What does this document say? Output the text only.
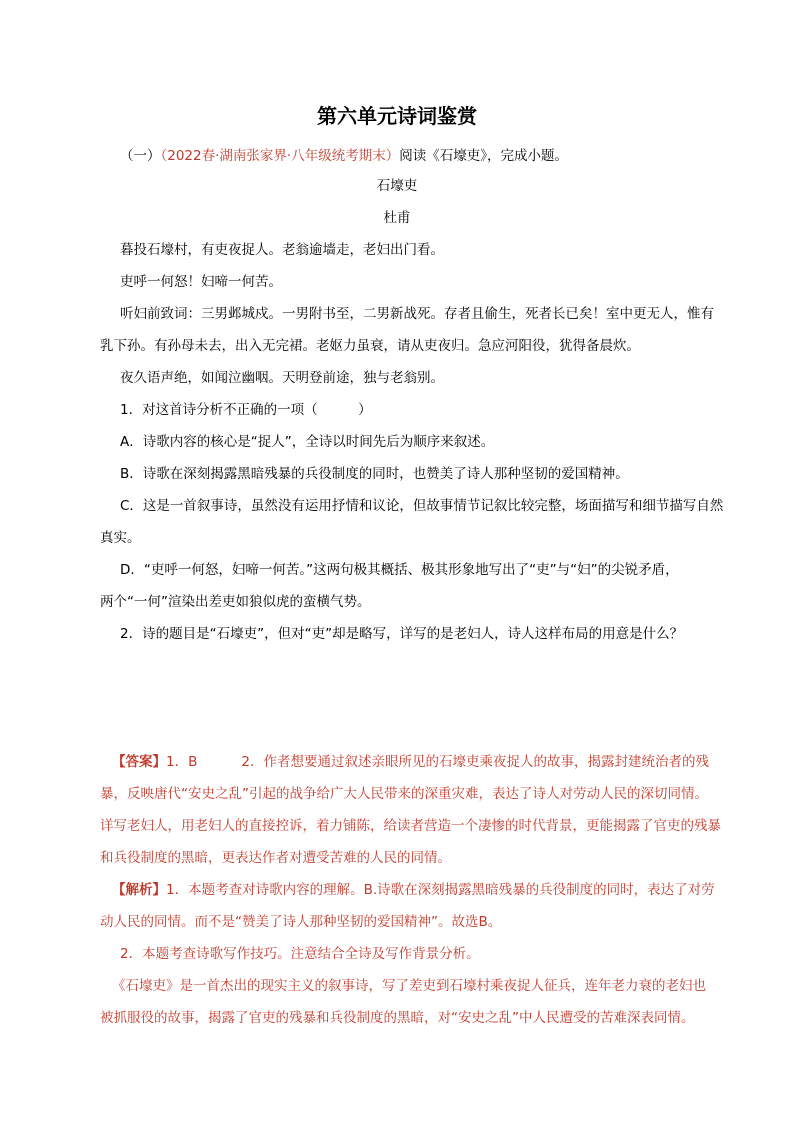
第六单元诗词鉴赏
（一）（2022春·湖南张家界·八年级统考期末）阅读《石壕吏》，完成小题。
石壕吏
杜甫
暮投石壕村，有吏夜捉人。老翁逾墙走，老妇出门看。
吏呼一何怒！妇啼一何苦。
听妇前致词：三男邺城戍。一男附书至，二男新战死。存者且偷生，死者长已矣！室中更无人，惟有
乳下孙。有孙母未去，出入无完裙。老妪力虽衰，请从吏夜归。急应河阳役，犹得备晨炊。
夜久语声绝，如闻泣幽咽。天明登前途，独与老翁别。
1．对这首诗分析不正确的一项（　　　）
A．诗歌内容的核心是“捉人”，全诗以时间先后为顺序来叙述。
B．诗歌在深刻揭露黑暗残暴的兵役制度的同时，也赞美了诗人那种坚韧的爱国精神。
C．这是一首叙事诗，虽然没有运用抒情和议论，但故事情节记叙比较完整，场面描写和细节描写自然
真实。
D．“吏呼一何怒，妇啼一何苦。”这两句极其概括、极其形象地写出了“吏”与“妇”的尖锐矛盾，
两个“一何”渲染出差吏如狼似虎的蛮横气势。
2．诗的题目是“石壕吏”，但对“吏”却是略写，详写的是老妇人，诗人这样布局的用意是什么？
【答案】1．B	2．作者想要通过叙述亲眼所见的石壕吏乘夜捉人的故事，揭露封建统治者的残
暴，反映唐代“安史之乱”引起的战争给广大人民带来的深重灾难，表达了诗人对劳动人民的深切同情。
详写老妇人，用老妇人的直接控诉，着力铺陈，给读者营造一个凄惨的时代背景，更能揭露了官吏的残暴
和兵役制度的黑暗，更表达作者对遭受苦难的人民的同情。
【解析】1．本题考查对诗歌内容的理解。B.诗歌在深刻揭露黑暗残暴的兵役制度的同时，表达了对劳
动人民的同情。而不是“赞美了诗人那种坚韧的爱国精神”。故选B。
2．本题考查诗歌写作技巧。注意结合全诗及写作背景分析。
《石壕吏》是一首杰出的现实主义的叙事诗，写了差吏到石壕村乘夜捉人征兵，连年老力衰的老妇也
被抓服役的故事，揭露了官吏的残暴和兵役制度的黑暗，对“安史之乱”中人民遭受的苦难深表同情。
